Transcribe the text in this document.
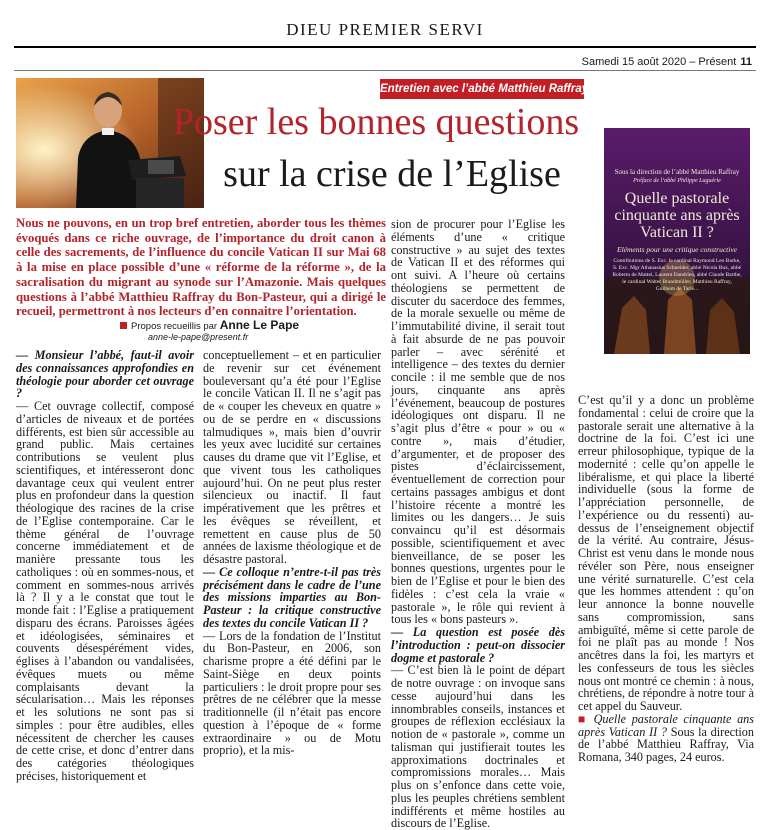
DIEU PREMIER SERVI
Samedi 15 août 2020 – Présent 11
Entretien avec l’abbé Matthieu Raffray
Poser les bonnes questions
sur la crise de l’Eglise	Sous la direction de l’abbé Matthieu Raffray
Préface de l’abbé Philippe Laguérie
Quelle pastorale cinquante ans après Vatican II ?
Eléments pour une critique constructive
Contributions de S. Exc. le cardinal Raymond Leo Burke, S. Exc. Mgr Athanasius Schneider, abbé Nicola Bux, abbé Roberto de Mattei, Laurent Dandrieu, abbé Claude Barthe, le cardinal Walter Brandmüller, Matthieu Raffray, Guilhem de Tarlé...
Nous ne pouvons, en un trop bref entretien, aborder tous les thèmes évoqués dans ce riche ouvrage, de l’importance du droit canon à celle des sacrements, de l’influence du concile Vatican II sur Mai 68 à la mise en place possible d’une « réforme de la réforme », de la sacralisation du migrant au synode sur l’Amazonie. Mais quelques questions à l’abbé Matthieu Raffray du Bon-Pasteur, qui a dirigé le recueil, permettront à nos lecteurs d’en connaitre l’orientation.
Propos recueillis par Anne Le Pape
anne-le-pape@present.fr

— Monsieur l’abbé, faut-il avoir des connaissances approfondies en théologie pour aborder cet ouvrage ?

— Cet ouvrage collectif, composé d’articles de niveaux et de portées différents, est bien sûr accessible au grand public. Mais certaines contributions se veulent plus scientifiques, et intéresseront donc davantage ceux qui veulent entrer plus en profondeur dans la question théologique des racines de la crise de l’Eglise contemporaine. Car le thème général de l’ouvrage concerne immédiatement et de manière pressante tous les catholiques : où en sommes-nous, et comment en sommes-nous arrivés là ? Il y a le constat que tout le monde fait : l’Eglise a pratiquement disparu des écrans. Paroisses âgées et idéologisées, séminaires et couvents désespérément vides, églises à l’abandon ou vandalisées, évêques muets ou même complaisants devant la sécularisation… Mais les réponses et les solutions ne sont pas si simples : pour être audibles, elles nécessitent de chercher les causes de cette crise, et donc d’entrer dans des catégories théologiques précises, historiquement et

conceptuellement – et en particulier de revenir sur cet événement bouleversant qu’a été pour l’Eglise le concile Vatican II. Il ne s’agit pas de « couper les cheveux en quatre » ou de se perdre en « discussions talmudiques », mais bien d’ouvrir les yeux avec lucidité sur certaines causes du drame que vit l’Eglise, et que vivent tous les catholiques aujourd’hui. On ne peut plus rester silencieux ou inactif. Il faut impérativement que les prêtres et les évêques se réveillent, et remettent en cause plus de 50 années de laxisme théologique et de désastre pastoral.

— Ce colloque n’entre-t-il pas très précisément dans le cadre de l’une des missions imparties au Bon-Pasteur : la critique constructive des textes du concile Vatican II ?

— Lors de la fondation de l’Institut du Bon-Pasteur, en 2006, son charisme propre a été défini par le Saint-Siège en deux points particuliers : le droit propre pour ses prêtres de ne célébrer que la messe traditionnelle (il n’était pas encore question à l’époque de « forme extraordinaire » ou de Motu proprio), et la mis-

sion de procurer pour l’Eglise les éléments d’une « critique constructive » au sujet des textes de Vatican II et des réformes qui ont suivi. A l’heure où certains théologiens se permettent de discuter du sacerdoce des femmes, de la morale sexuelle ou même de l’immutabilité divine, il serait tout à fait absurde de ne pas pouvoir parler – avec sérénité et intelligence – des textes du dernier concile : il me semble que de nos jours, cinquante ans après l’événement, beaucoup de postures idéologiques ont disparu. Il ne s’agit plus d’être « pour » ou « contre », mais d’étudier, d’argumenter, et de proposer des pistes d’éclaircissement, éventuellement de correction pour certains passages ambigus et dont l’histoire récente a montré les limites ou les dangers… Je suis convaincu qu’il est désormais possible, scientifiquement et avec bienveillance, de se poser les bonnes questions, urgentes pour le bien de l’Eglise et pour le bien des fidèles : c’est cela la vraie « pastorale », le rôle qui revient à tous les « bons pasteurs ».

— La question est posée dès l’introduction : peut-on dissocier dogme et pastorale ?

— C’est bien là le point de départ de notre ouvrage : on invoque sans cesse aujourd’hui dans les innombrables conseils, instances et groupes de réflexion ecclésiaux la notion de « pastorale », comme un talisman qui justifierait toutes les approximations doctrinales et compromissions morales… Mais plus on s’enfonce dans cette voie, plus les peuples chrétiens semblent indifférents et même hostiles au discours de l’Eglise.

C’est qu’il y a donc un problème fondamental : celui de croire que la pastorale serait une alternative à la doctrine de la foi. C’est ici une erreur philosophique, typique de la modernité : celle qu’on appelle le libéralisme, et qui place la liberté individuelle (sous la forme de l’appréciation personnelle, de l’expérience ou du ressenti) au-dessus de l’enseignement objectif de la vérité. Au contraire, Jésus-Christ est venu dans le monde nous révéler son Père, nous enseigner une vérité surnaturelle. C’est cela que les hommes attendent : qu’on leur annonce la bonne nouvelle sans compromission, sans ambiguïté, même si cette parole de foi ne plaît pas au monde ! Nos ancêtres dans la foi, les martyrs et les confesseurs de tous les siècles nous ont montré ce chemin : à nous, chrétiens, de répondre à notre tour à cet appel du Sauveur.

■ Quelle pastorale cinquante ans après Vatican II ? Sous la direction de l’abbé Matthieu Raffray, Via Romana, 340 pages, 24 euros.
